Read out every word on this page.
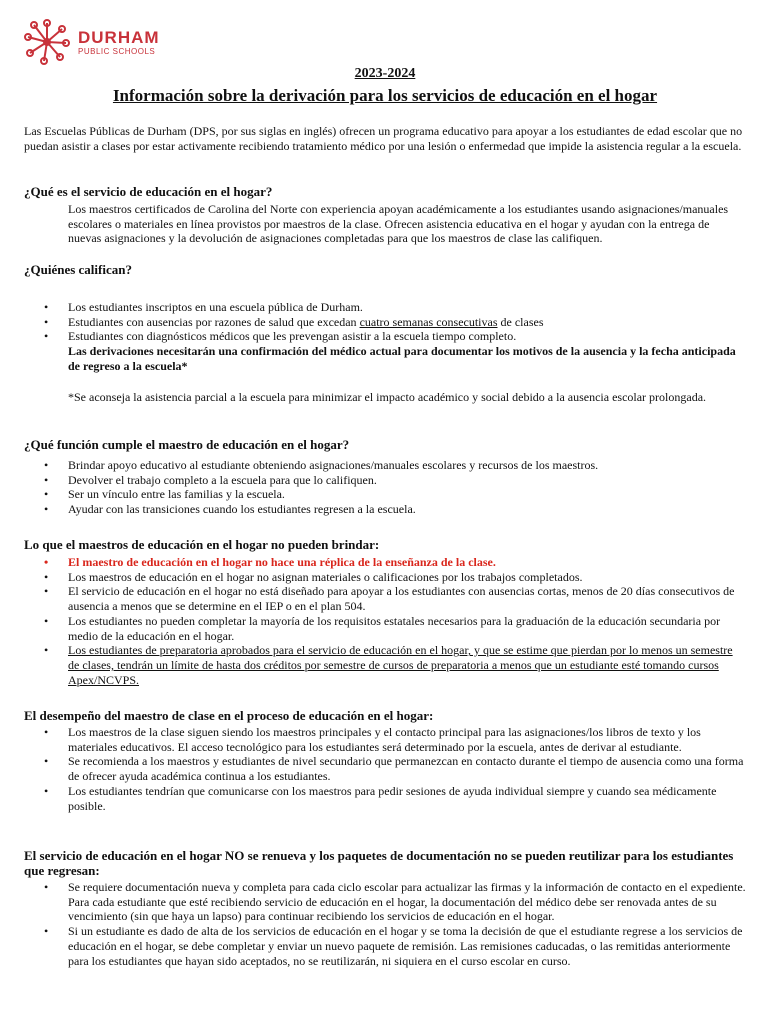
DURHAM
PUBLIC SCHOOLS
2023-2024
Información sobre la derivación para los servicios de educación en el hogar
Las Escuelas Públicas de Durham (DPS, por sus siglas en inglés) ofrecen un programa educativo para apoyar a los estudiantes de edad escolar que no puedan asistir a clases por estar activamente recibiendo tratamiento médico por una lesión o enfermedad que impide la asistencia regular a la escuela.
¿Qué es el servicio de educación en el hogar?
Los maestros certificados de Carolina del Norte con experiencia apoyan académicamente a los estudiantes usando asignaciones/manuales escolares o materiales en línea provistos por maestros de la clase. Ofrecen asistencia educativa en el hogar y ayudan con la entrega de nuevas asignaciones y la devolución de asignaciones completadas para que los maestros de clase las califiquen.
¿Quiénes califican?
• Los estudiantes inscriptos en una escuela pública de Durham.
• Estudiantes con ausencias por razones de salud que excedan cuatro semanas consecutivas de clases
• Estudiantes con diagnósticos médicos que les prevengan asistir a la escuela tiempo completo.
Las derivaciones necesitarán una confirmación del médico actual para documentar los motivos de la ausencia y la fecha anticipada de regreso a la escuela*
*Se aconseja la asistencia parcial a la escuela para minimizar el impacto académico y social debido a la ausencia escolar prolongada.
¿Qué función cumple el maestro de educación en el hogar?
• Brindar apoyo educativo al estudiante obteniendo asignaciones/manuales escolares y recursos de los maestros.
• Devolver el trabajo completo a la escuela para que lo califiquen.
• Ser un vínculo entre las familias y la escuela.
• Ayudar con las transiciones cuando los estudiantes regresen a la escuela.
Lo que el maestros de educación en el hogar no pueden brindar:
• El maestro de educación en el hogar no hace una réplica de la enseñanza de la clase.
• Los maestros de educación en el hogar no asignan materiales o calificaciones por los trabajos completados.
• El servicio de educación en el hogar no está diseñado para apoyar a los estudiantes con ausencias cortas, menos de 20 días consecutivos de ausencia a menos que se determine en el IEP o en el plan 504.
• Los estudiantes no pueden completar la mayoría de los requisitos estatales necesarios para la graduación de la educación secundaria por medio de la educación en el hogar.
• Los estudiantes de preparatoria aprobados para el servicio de educación en el hogar, y que se estime que pierdan por lo menos un semestre de clases, tendrán un límite de hasta dos créditos por semestre de cursos de preparatoria a menos que un estudiante esté tomando cursos Apex/NCVPS.
El desempeño del maestro de clase en el proceso de educación en el hogar:
• Los maestros de la clase siguen siendo los maestros principales y el contacto principal para las asignaciones/los libros de texto y los materiales educativos. El acceso tecnológico para los estudiantes será determinado por la escuela, antes de derivar al estudiante.
• Se recomienda a los maestros y estudiantes de nivel secundario que permanezcan en contacto durante el tiempo de ausencia como una forma de ofrecer ayuda académica continua a los estudiantes.
• Los estudiantes tendrían que comunicarse con los maestros para pedir sesiones de ayuda individual siempre y cuando sea médicamente posible.
El servicio de educación en el hogar NO se renueva y los paquetes de documentación no se pueden reutilizar para los estudiantes que regresan:
• Se requiere documentación nueva y completa para cada ciclo escolar para actualizar las firmas y la información de contacto en el expediente. Para cada estudiante que esté recibiendo servicio de educación en el hogar, la documentación del médico debe ser renovada antes de su vencimiento (sin que haya un lapso) para continuar recibiendo los servicios de educación en el hogar.
• Si un estudiante es dado de alta de los servicios de educación en el hogar y se toma la decisión de que el estudiante regrese a los servicios de educación en el hogar, se debe completar y enviar un nuevo paquete de remisión. Las remisiones caducadas, o las remitidas anteriormente para los estudiantes que hayan sido aceptados, no se reutilizarán, ni siquiera en el curso escolar en curso.
